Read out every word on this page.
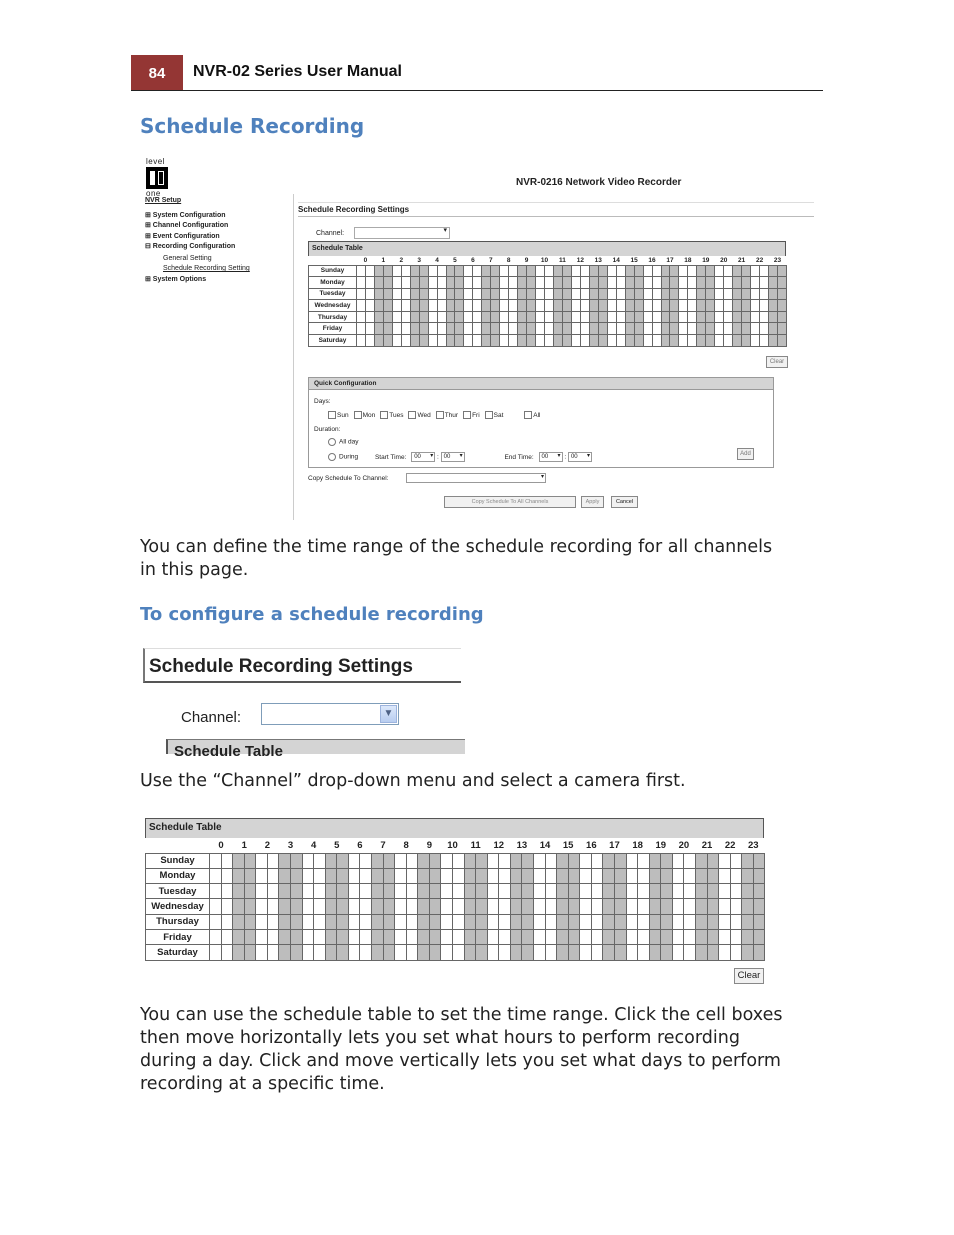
84	NVR-02 Series User Manual
Schedule Recording
level
one
NVR-0216 Network Video Recorder
NVR Setup
⊞ System Configuration
⊞ Channel Configuration
⊞ Event Configuration
⊟ Recording Configuration
General Setting
Schedule Recording Setting
⊞ System Options
Schedule Recording Settings
Channel: ▾
Schedule Table
	0		1		2		3		4		5		6		7		8		9		10		11		12		13		14		15		16		17		18		19		20		21		22		23	
Sunday																																																
Monday																																																
Tuesday																																																
Wednesday																																																
Thursday																																																
Friday																																																
Saturday																																																
Clear
Quick Configuration
Days:
Sun Mon Tues Wed Thur Fri Sat	All
Duration:
All day
During	Start Time: 00 ▾ : 00 ▾	End Time: 00 ▾ : 00 ▾	Add
Copy Schedule To Channel:
▾
Copy Schedule To All Channels	Apply	Cancel

You can define the time range of the schedule recording for all channels in this page.

To configure a schedule recording
Schedule Recording Settings
Channel:	▼
Schedule Table

Use the “Channel” drop-down menu and select a camera first.

Schedule Table
	0		1		2		3		4		5		6		7		8		9		10		11		12		13		14		15		16		17		18		19		20		21		22		23	
Sunday																																																
Monday																																																
Tuesday																																																
Wednesday																																																
Thursday																																																
Friday																																																
Saturday																																																
Clear

You can use the schedule table to set the time range. Click the cell boxes then move horizontally lets you set what hours to perform recording during a day. Click and move vertically lets you set what days to perform recording at a specific time.
